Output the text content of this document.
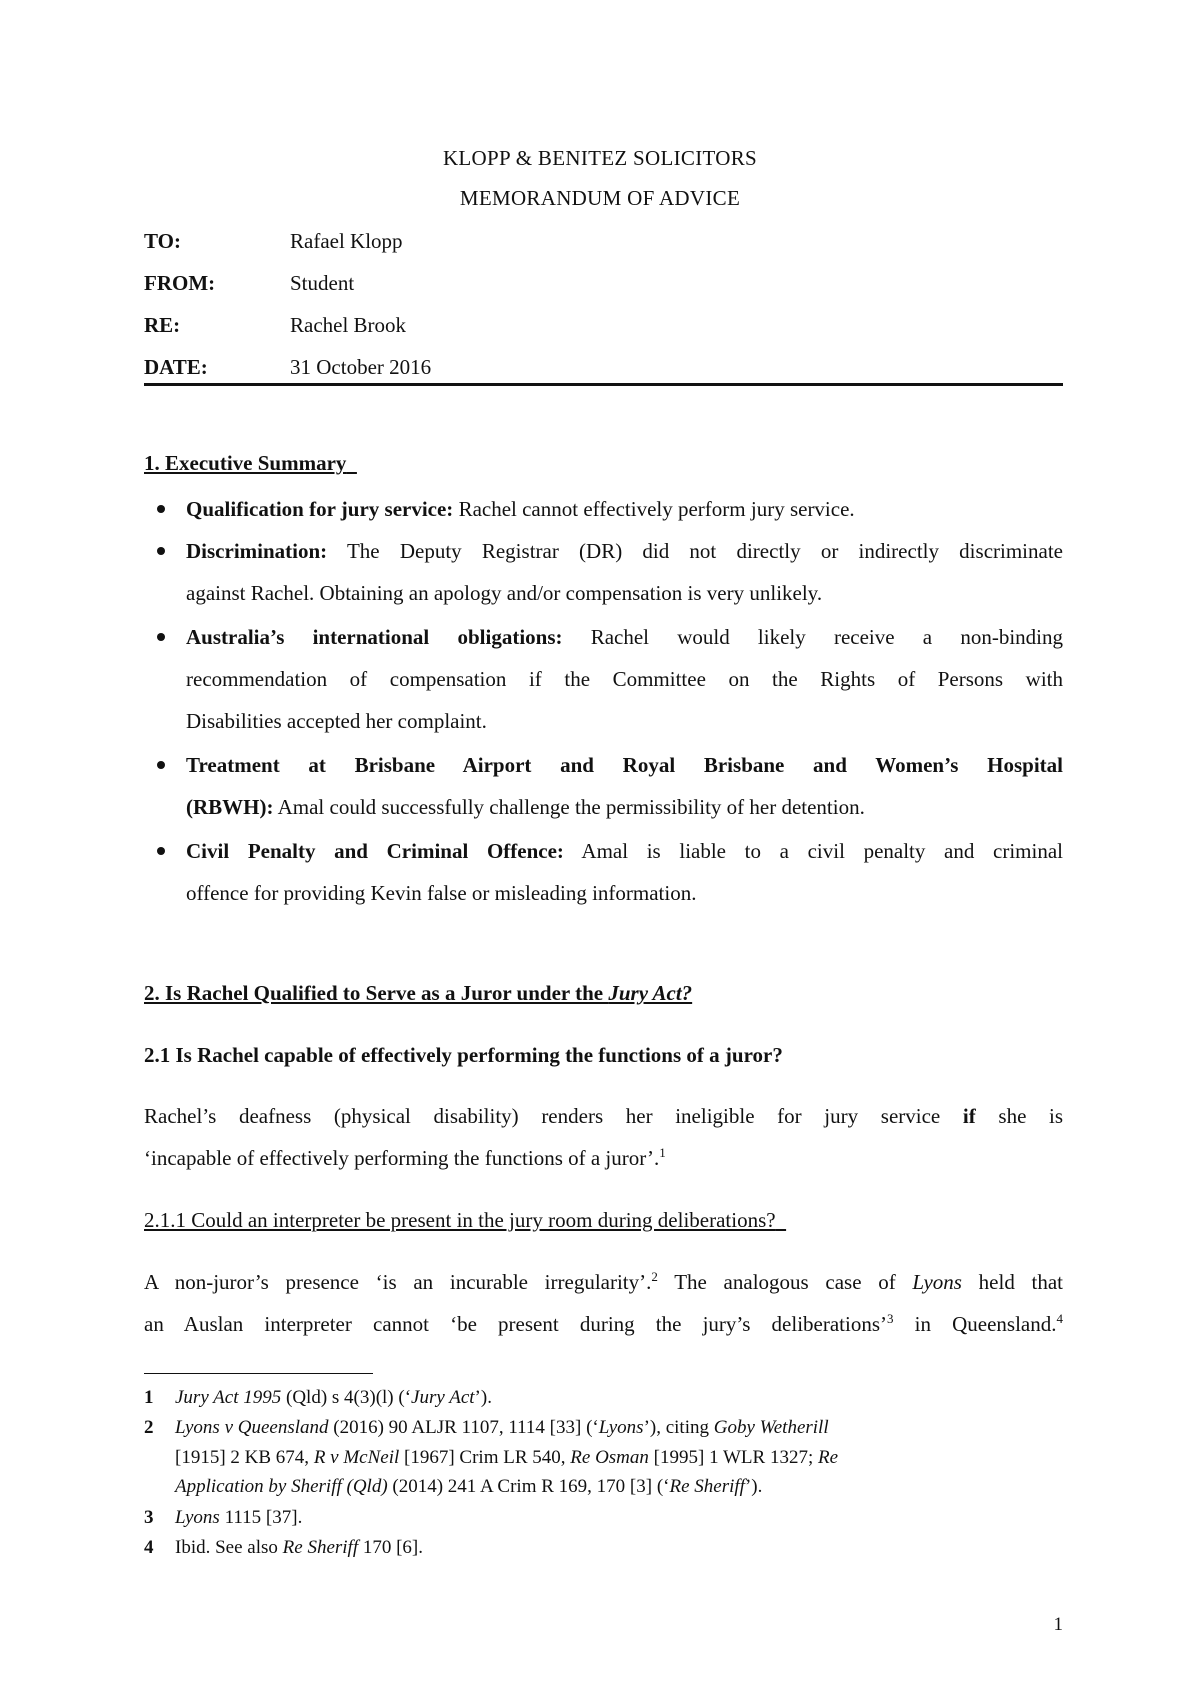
KLOPP & BENITEZ SOLICITORS
MEMORANDUM OF ADVICE
TO:	Rafael Klopp
FROM:	Student
RE:	Rachel Brook
DATE:	31 October 2016
1. Executive Summary
Qualification for jury service: Rachel cannot effectively perform jury service.
Discrimination: The Deputy Registrar (DR) did not directly or indirectly discriminate
against Rachel. Obtaining an apology and/or compensation is very unlikely.
Australia’s international obligations: Rachel would likely receive a non-binding
recommendation of compensation if the Committee on the Rights of Persons with
Disabilities accepted her complaint.
Treatment at Brisbane Airport and Royal Brisbane and Women’s Hospital
(RBWH): Amal could successfully challenge the permissibility of her detention.
Civil Penalty and Criminal Offence: Amal is liable to a civil penalty and criminal
offence for providing Kevin false or misleading information.
2. Is Rachel Qualified to Serve as a Juror under the Jury Act?
2.1 Is Rachel capable of effectively performing the functions of a juror?
Rachel’s deafness (physical disability) renders her ineligible for jury service if she is
‘incapable of effectively performing the functions of a juror’.$^1$
2.1.1 Could an interpreter be present in the jury room during deliberations?
A non-juror’s presence ‘is an incurable irregularity’.$^2$ The analogous case of Lyons held that
an Auslan interpreter cannot ‘be present during the jury’s deliberations’$^3$ in Queensland.$^4$
1 Jury Act 1995 (Qld) s 4(3)(l) (‘Jury Act’).
2 Lyons v Queensland (2016) 90 ALJR 1107, 1114 [33] (‘Lyons’), citing Goby Wetherill
[1915] 2 KB 674, R v McNeil [1967] Crim LR 540, Re Osman [1995] 1 WLR 1327; Re
Application by Sheriff (Qld) (2014) 241 A Crim R 169, 170 [3] (‘Re Sheriff’).
3 Lyons 1115 [37].
4 Ibid. See also Re Sheriff 170 [6].
1
